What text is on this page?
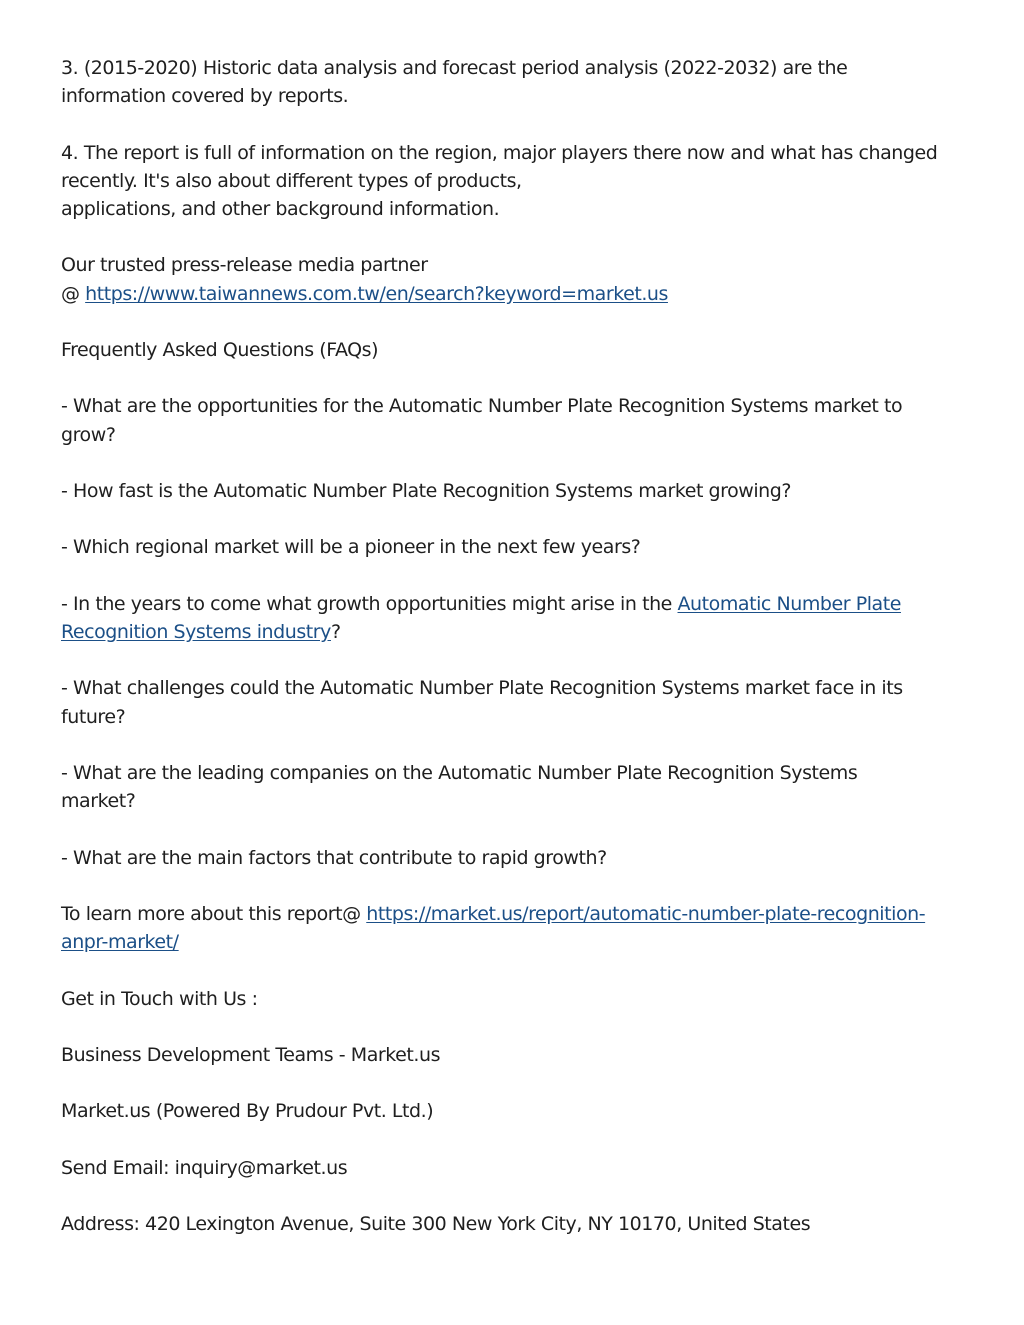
3. (2015-2020) Historic data analysis and forecast period analysis (2022-2032) are the
information covered by reports.

4. The report is full of information on the region, major players there now and what has changed
recently. It's also about different types of products,
applications, and other background information.

Our trusted press-release media partner
@ https://www.taiwannews.com.tw/en/search?keyword=market.us

Frequently Asked Questions (FAQs)

- What are the opportunities for the Automatic Number Plate Recognition Systems market to
grow?

- How fast is the Automatic Number Plate Recognition Systems market growing?

- Which regional market will be a pioneer in the next few years?

- In the years to come what growth opportunities might arise in the Automatic Number Plate
Recognition Systems industry?

- What challenges could the Automatic Number Plate Recognition Systems market face in its
future?

- What are the leading companies on the Automatic Number Plate Recognition Systems
market?

- What are the main factors that contribute to rapid growth?

To learn more about this report@ https://market.us/report/automatic-number-plate-recognition-
anpr-market/

Get in Touch with Us :

Business Development Teams - Market.us

Market.us (Powered By Prudour Pvt. Ltd.)

Send Email: inquiry@market.us

Address: 420 Lexington Avenue, Suite 300 New York City, NY 10170, United States
